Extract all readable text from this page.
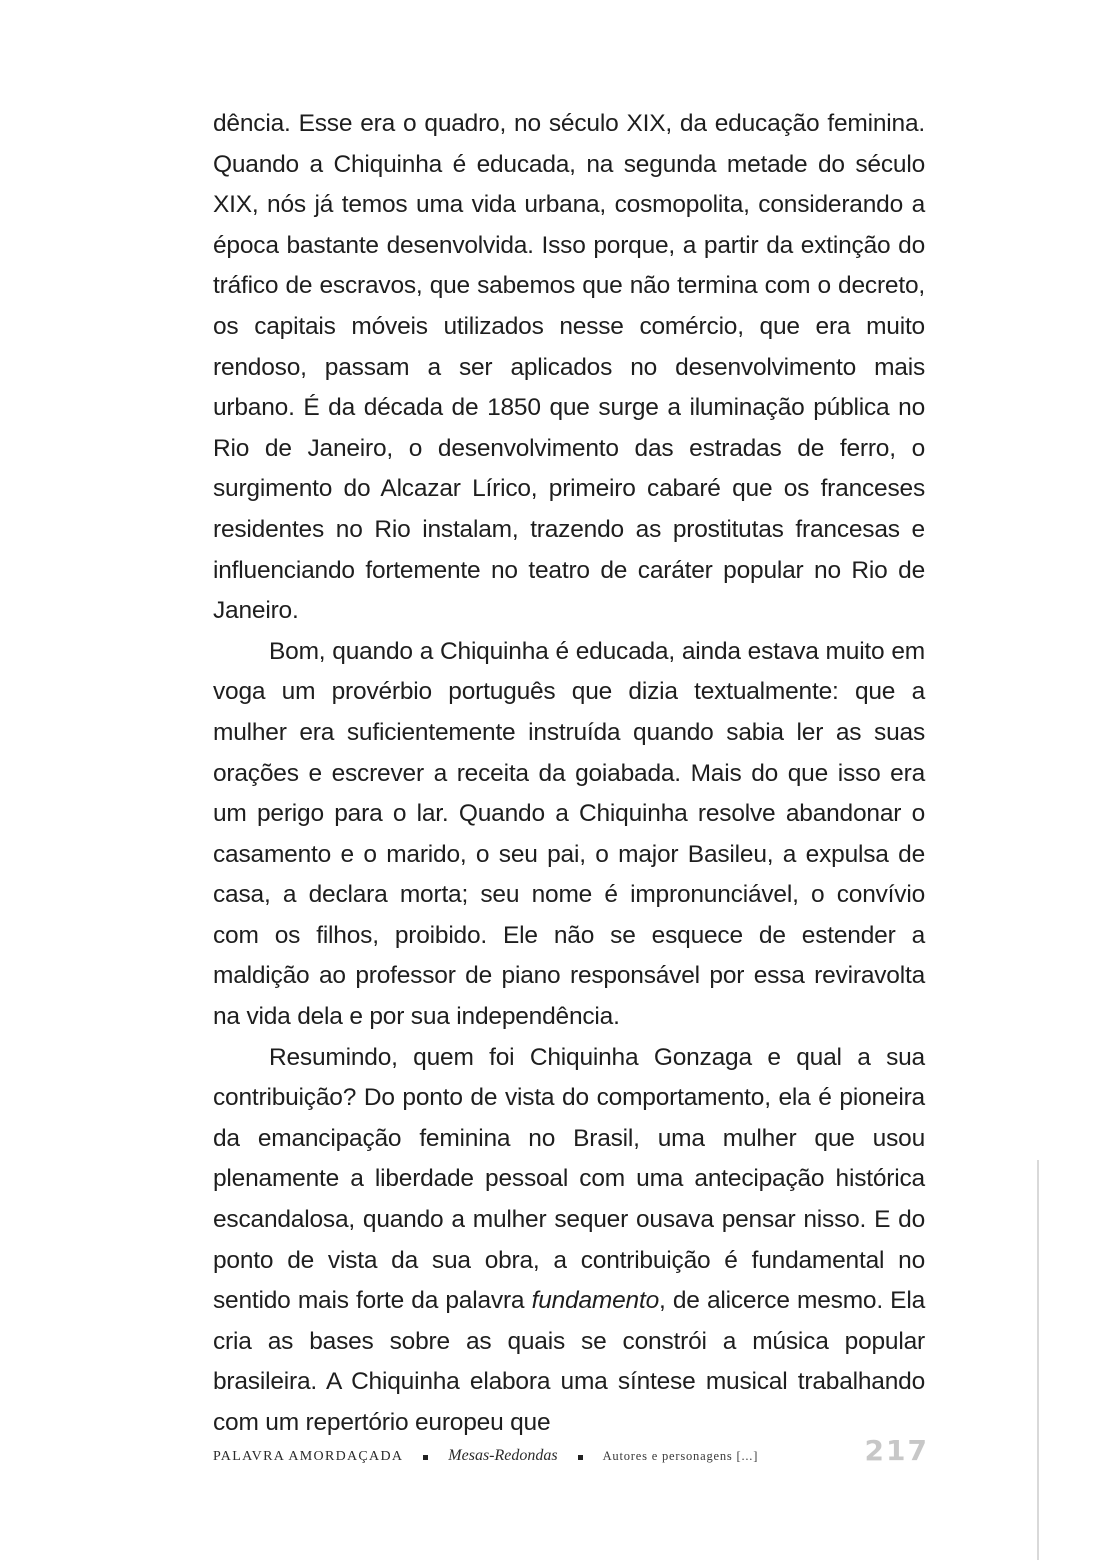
dência. Esse era o quadro, no século XIX, da educação feminina. Quando a Chiquinha é educada, na segunda metade do século XIX, nós já temos uma vida urbana, cosmopolita, considerando a época bastante desenvolvida. Isso porque, a partir da extinção do tráfico de escravos, que sabemos que não termina com o decreto, os capitais móveis utilizados nesse comércio, que era muito rendoso, passam a ser aplicados no desenvolvimento mais urbano. É da década de 1850 que surge a iluminação pública no Rio de Janeiro, o desenvolvimento das estradas de ferro, o surgimento do Alcazar Lírico, primeiro cabaré que os franceses residentes no Rio instalam, trazendo as prostitutas francesas e influenciando fortemente no teatro de caráter popular no Rio de Janeiro.

Bom, quando a Chiquinha é educada, ainda estava muito em voga um provérbio português que dizia textualmente: que a mulher era suficientemente instruída quando sabia ler as suas orações e escrever a receita da goiabada. Mais do que isso era um perigo para o lar. Quando a Chiquinha resolve abandonar o casamento e o marido, o seu pai, o major Basileu, a expulsa de casa, a declara morta; seu nome é impronunciável, o convívio com os filhos, proibido. Ele não se esquece de estender a maldição ao professor de piano responsável por essa reviravolta na vida dela e por sua independência.

Resumindo, quem foi Chiquinha Gonzaga e qual a sua contribuição? Do ponto de vista do comportamento, ela é pioneira da emancipação feminina no Brasil, uma mulher que usou plenamente a liberdade pessoal com uma antecipação histórica escandalosa, quando a mulher sequer ousava pensar nisso. E do ponto de vista da sua obra, a contribuição é fundamental no sentido mais forte da palavra fundamento, de alicerce mesmo. Ela cria as bases sobre as quais se constrói a música popular brasileira. A Chiquinha elabora uma síntese musical trabalhando com um repertório europeu que

PALAVRA AMORDAÇADA	Mesas-Redondas	Autores e personagens [...]	217
